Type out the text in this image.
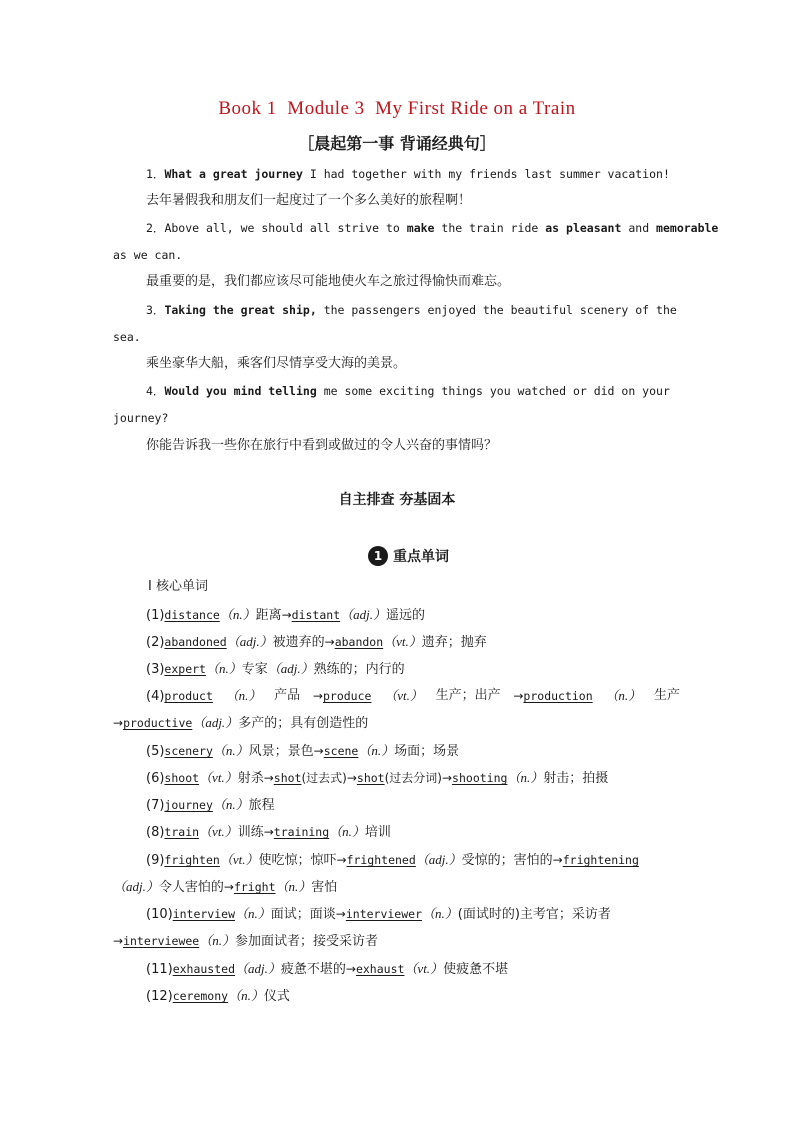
Book 1  Module 3  My First Ride on a Train
［晨起第一事 背诵经典句］
1．What a great journey I had together with my friends last summer vacation!
去年暑假我和朋友们一起度过了一个多么美好的旅程啊！
2．Above all, we should all strive to make the train ride as pleasant and memorable
as we can.
最重要的是，我们都应该尽可能地使火车之旅过得愉快而难忘。
3．Taking the great ship, the passengers enjoyed the beautiful scenery of the
sea.
乘坐豪华大船，乘客们尽情享受大海的美景。
4．Would you mind telling me some exciting things you watched or did on your
journey?
你能告诉我一些你在旅行中看到或做过的令人兴奋的事情吗？
自主排查 夯基固本
1 重点单词
Ⅰ 核心单词
(1)distance（n.）距离→distant（adj.）遥远的
(2)abandoned（adj.）被遗弃的→abandon（vt.）遗弃；抛弃
(3)expert（n.）专家（adj.）熟练的；内行的
(4)product （n.） 产品 →produce （vt.） 生产；出产 →production （n.） 生产
→productive（adj.）多产的；具有创造性的
(5)scenery（n.）风景；景色→scene（n.）场面；场景
(6)shoot（vt.）射杀→shot(过去式)→shot(过去分词)→shooting（n.）射击；拍摄
(7)journey（n.）旅程
(8)train（vt.）训练→training（n.）培训
(9)frighten（vt.）使吃惊；惊吓→frightened（adj.）受惊的；害怕的→frightening
（adj.）令人害怕的→fright（n.）害怕
(10)interview（n.）面试；面谈→interviewer（n.）(面试时的)主考官；采访者
→interviewee（n.）参加面试者；接受采访者
(11)exhausted（adj.）疲惫不堪的→exhaust（vt.）使疲惫不堪
(12)ceremony（n.）仪式
